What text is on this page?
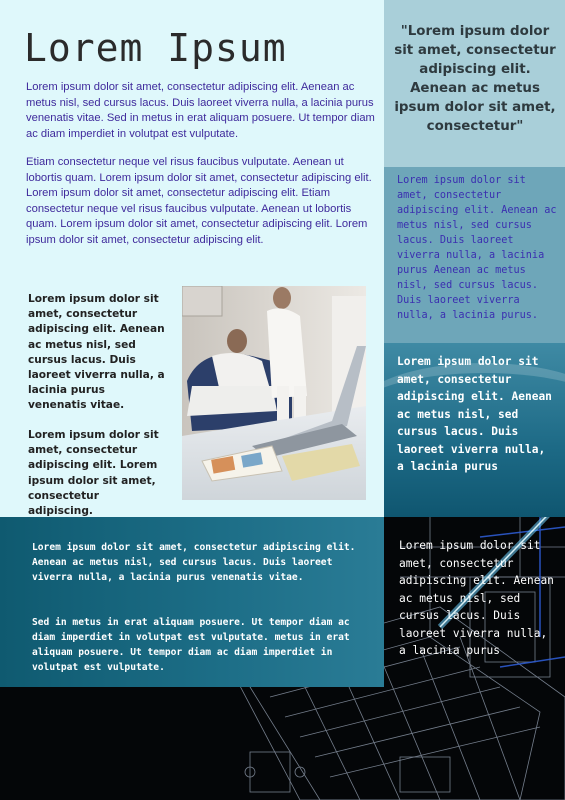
Lorem Ipsum

Lorem ipsum dolor sit amet, consectetur adipiscing elit. Aenean ac metus nisl, sed cursus lacus. Duis laoreet viverra nulla, a lacinia purus venenatis vitae. Sed in metus in erat aliquam posuere. Ut tempor diam ac diam imperdiet in volutpat est vulputate.

Etiam consectetur neque vel risus faucibus vulputate. Aenean ut lobortis quam. Lorem ipsum dolor sit amet, consectetur adipiscing elit. Lorem ipsum dolor sit amet, consectetur adipiscing elit. Etiam consectetur neque vel risus faucibus vulputate. Aenean ut lobortis quam. Lorem ipsum dolor sit amet, consectetur adipiscing elit. Lorem ipsum dolor sit amet, consectetur adipiscing elit.

"Lorem ipsum dolor sit amet, consectetur adipiscing elit. Aenean ac metus ipsum dolor sit amet, consectetur"

Lorem ipsum dolor sit amet, consectetur adipiscing elit. Aenean ac metus nisl, sed cursus lacus. Duis laoreet viverra nulla, a lacinia purus Aenean ac metus nisl, sed cursus lacus. Duis laoreet viverra nulla, a lacinia purus.

Lorem ipsum dolor sit amet, consectetur adipiscing elit. Aenean ac metus nisl, sed cursus lacus. Duis laoreet viverra nulla, a lacinia purus

Lorem ipsum dolor sit amet, consectetur adipiscing elit. Aenean ac metus nisl, sed cursus lacus. Duis laoreet viverra nulla, a lacinia purus

Lorem ipsum dolor sit amet, consectetur adipiscing elit. Aenean ac metus nisl, sed cursus lacus. Duis laoreet viverra nulla, a lacinia purus venenatis vitae.

Lorem ipsum dolor sit amet, consectetur adipiscing elit. Lorem ipsum dolor sit amet, consectetur adipiscing.

Lorem ipsum dolor sit amet, consectetur adipiscing elit. Aenean ac metus nisl, sed cursus lacus. Duis laoreet viverra nulla, a lacinia purus venenatis vitae.

Sed in metus in erat aliquam posuere. Ut tempor diam ac diam imperdiet in volutpat est vulputate. metus in erat aliquam posuere. Ut tempor diam ac diam imperdiet in volutpat est vulputate.
